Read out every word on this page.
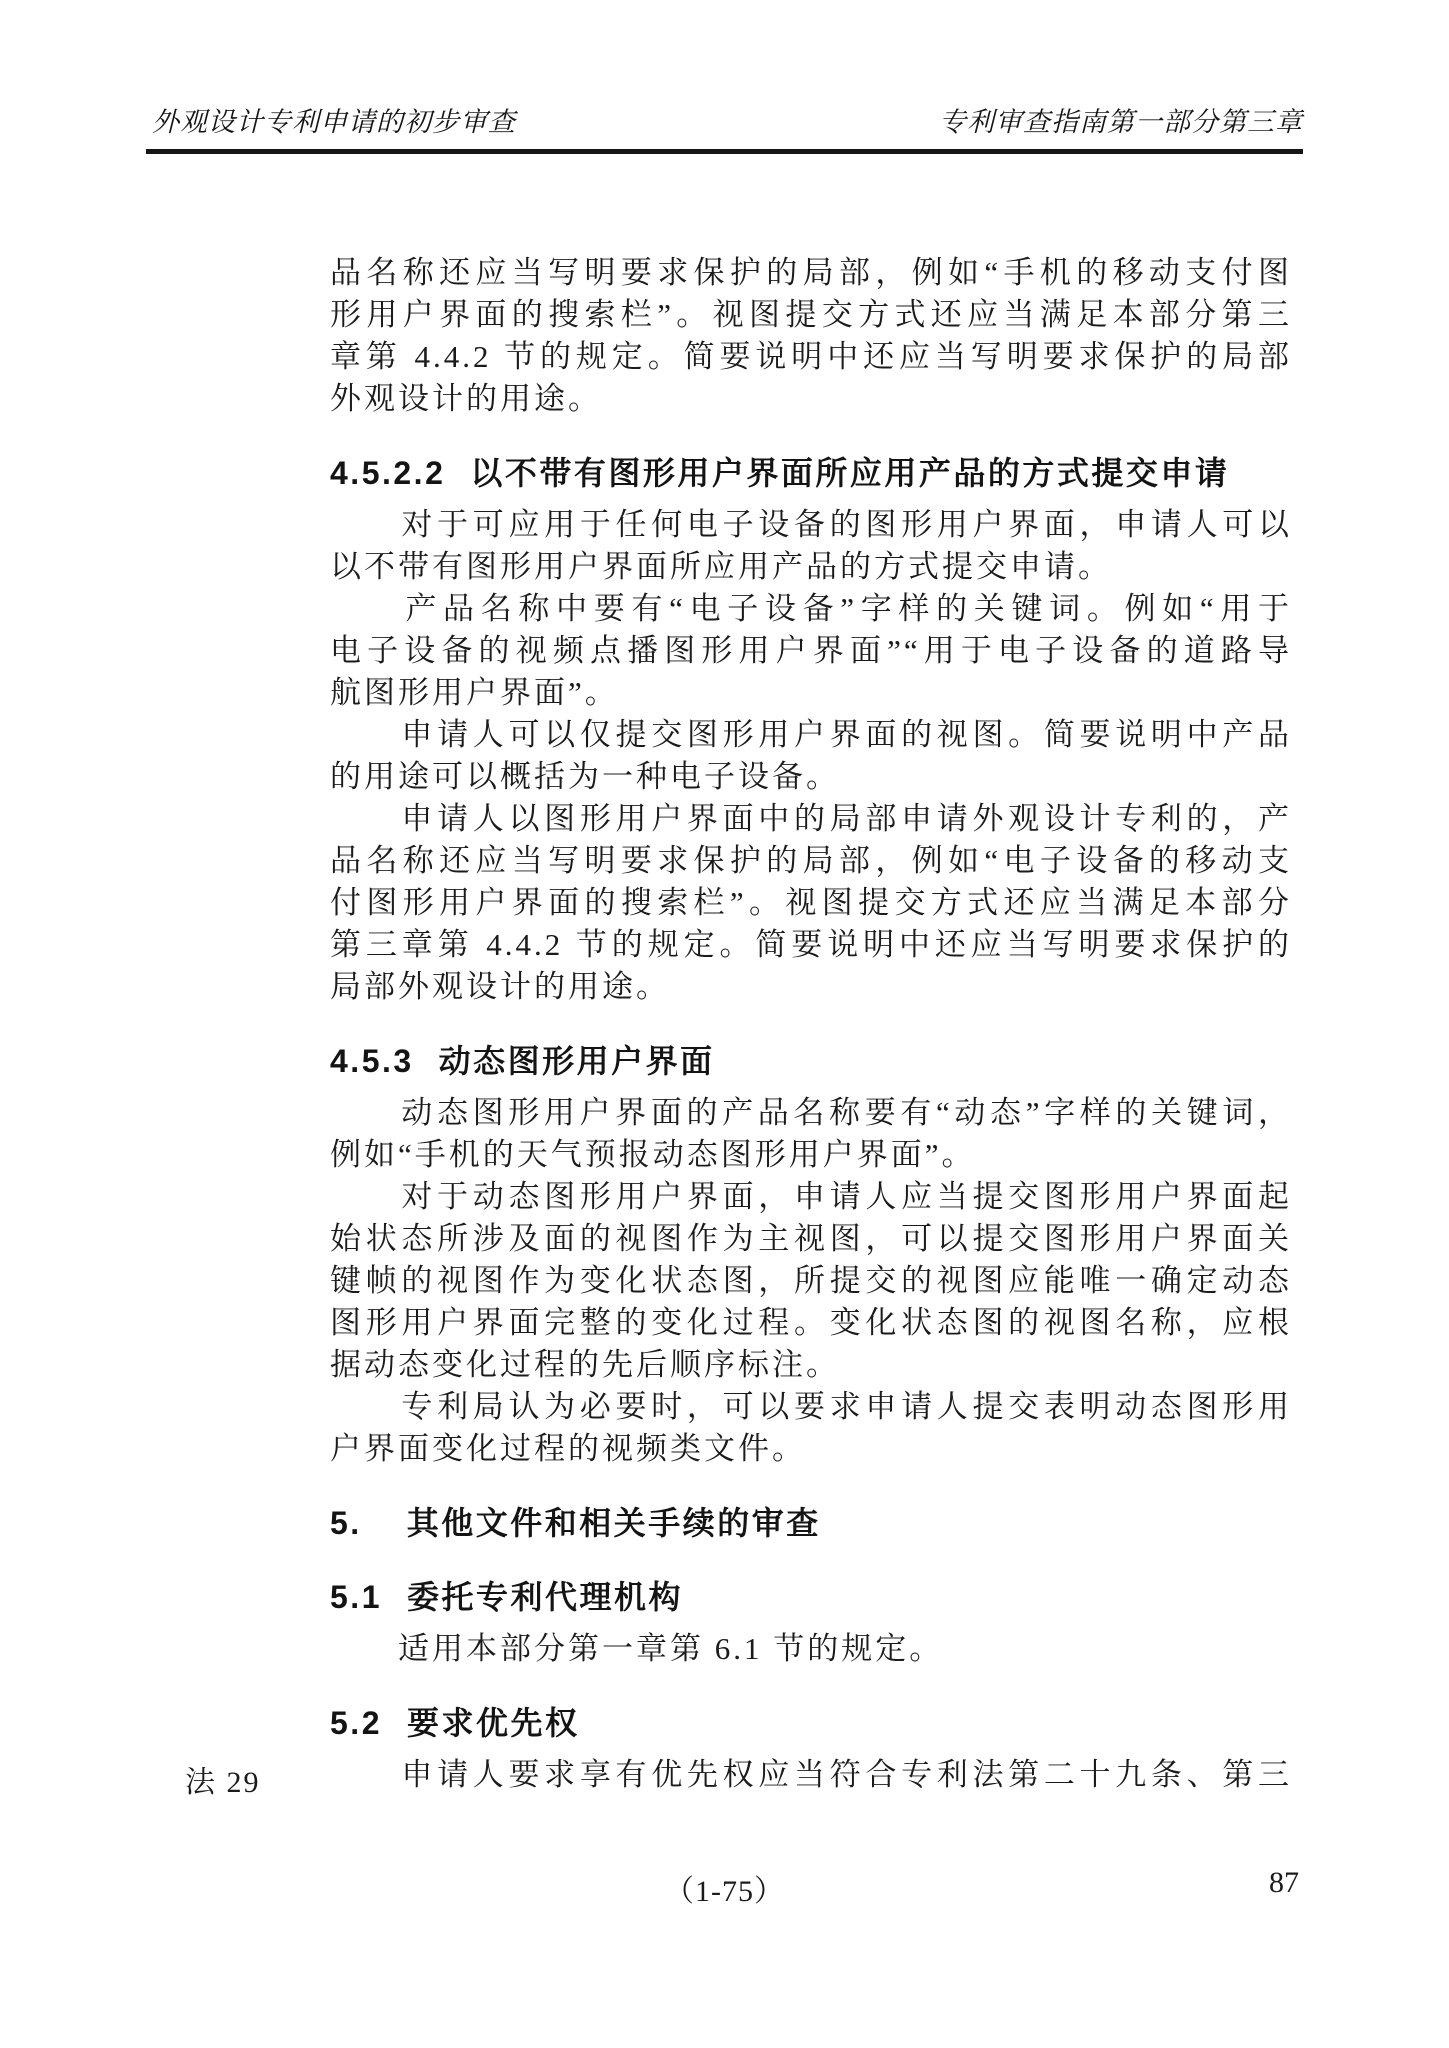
外观设计专利申请的初步审查	专利审查指南第一部分第三章
法 29
品名称还应当写明要求保护的局部，例如“手机的移动支付图
形用户界面的搜索栏”。视图提交方式还应当满足本部分第三
章第 4.4.2 节的规定。简要说明中还应当写明要求保护的局部
外观设计的用途。
4.5.2.2 以不带有图形用户界面所应用产品的方式提交申请
　　对于可应用于任何电子设备的图形用户界面，申请人可以
以不带有图形用户界面所应用产品的方式提交申请。
　　产品名称中要有“电子设备”字样的关键词。例如“用于
电子设备的视频点播图形用户界面”“用于电子设备的道路导
航图形用户界面”。
　　申请人可以仅提交图形用户界面的视图。简要说明中产品
的用途可以概括为一种电子设备。
　　申请人以图形用户界面中的局部申请外观设计专利的，产
品名称还应当写明要求保护的局部，例如“电子设备的移动支
付图形用户界面的搜索栏”。视图提交方式还应当满足本部分
第三章第 4.4.2 节的规定。简要说明中还应当写明要求保护的
局部外观设计的用途。
4.5.3 动态图形用户界面
　　动态图形用户界面的产品名称要有“动态”字样的关键词，
例如“手机的天气预报动态图形用户界面”。
　　对于动态图形用户界面，申请人应当提交图形用户界面起
始状态所涉及面的视图作为主视图，可以提交图形用户界面关
键帧的视图作为变化状态图，所提交的视图应能唯一确定动态
图形用户界面完整的变化过程。变化状态图的视图名称，应根
据动态变化过程的先后顺序标注。
　　专利局认为必要时，可以要求申请人提交表明动态图形用
户界面变化过程的视频类文件。
5. 其他文件和相关手续的审查
5.1 委托专利代理机构
　　适用本部分第一章第 6.1 节的规定。
5.2 要求优先权
　　申请人要求享有优先权应当符合专利法第二十九条、第三
（1-75）	87
